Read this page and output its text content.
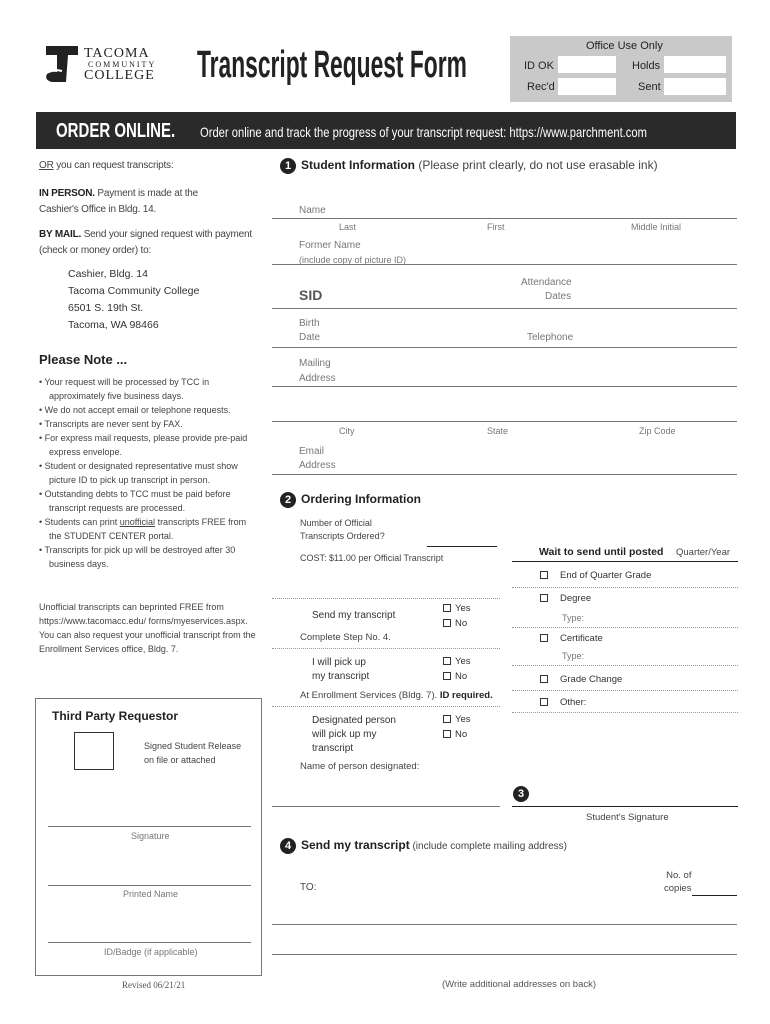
TACOMA
COMMUNITY
COLLEGE Transcript Request Form	Office Use Only
ID OK	Holds
Rec'd	Sent
ORDER ONLINE. Order online and track the progress of your transcript request: https://www.parchment.com
OR you can request transcripts:
IN PERSON. Payment is made at the Cashier's Office in Bldg. 14.
BY MAIL. Send your signed request with payment (check or money order) to:
Cashier, Bldg. 14
Tacoma Community College
6501 S. 19th St.
Tacoma, WA 98466
Please Note ...
• Your request will be processed by TCC in approximately five business days.
• We do not accept email or telephone requests.
• Transcripts are never sent by FAX.
• For express mail requests, please provide pre-paid express envelope.
• Student or designated representative must show picture ID to pick up transcript in person.
• Outstanding debts to TCC must be paid before transcript requests are processed.
• Students can print unofficial transcripts FREE from the STUDENT CENTER portal.
• Transcripts for pick up will be destroyed after 30 business days.
Unofficial transcripts can beprinted FREE from https://www.tacomacc.edu/ forms/myeservices.aspx. You can also request your unofficial transcript from the Enrollment Services office, Bldg. 7.
Third Party Requestor
Signed Student Release on file or attached
Signature
Printed Name
ID/Badge (if applicable)
Revised 06/21/21
1 Student Information (Please print clearly, do not use erasable ink)
Name
Last	First	Middle Initial
Former Name
(include copy of picture ID)
Attendance
Dates
SID
Birth
Date	Telephone
Mailing
Address
City	State	Zip Code
Email
Address
2 Ordering Information
Number of Official
Transcripts Ordered?
COST: $11.00 per Official Transcript
Send my transcript
Yes
No
Complete Step No. 4.
I will pick up
my transcript
Yes
No
At Enrollment Services (Bldg. 7). ID required.
Designated person
will pick up my
transcript
Yes
No
Name of person designated:
Wait to send until posted Quarter/Year
End of Quarter Grade
Degree
Type:
Certificate
Type:
Grade Change
Other:
3
Student's Signature
4 Send my transcript (include complete mailing address)
No. of
copies
TO:
(Write additional addresses on back)
